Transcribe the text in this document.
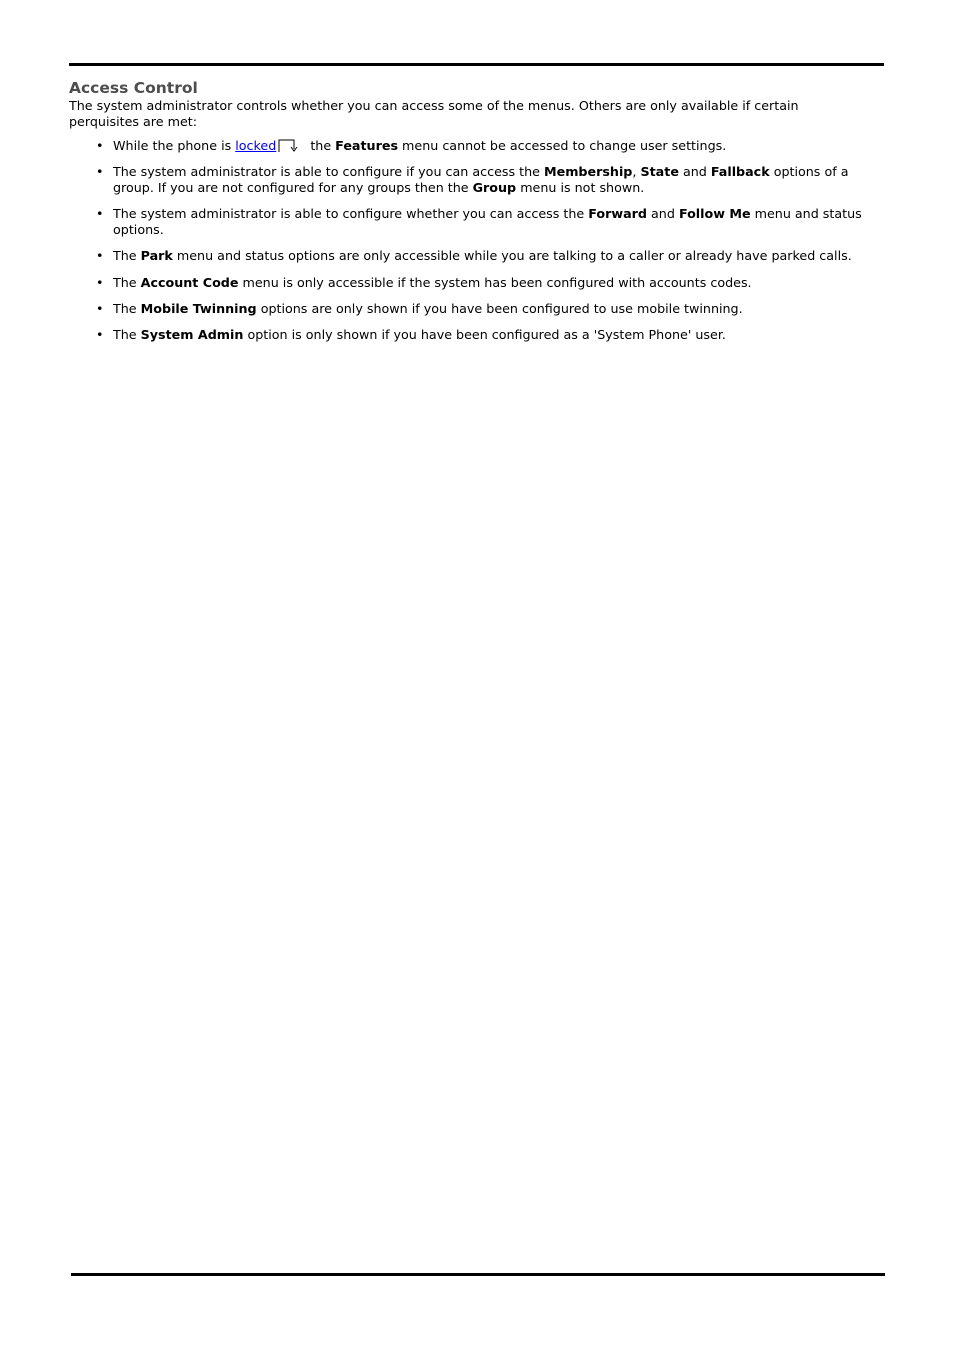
Access Control

The system administrator controls whether you can access some of the menus. Others are only available if certain perquisites are met:

• While the phone is locked the Features menu cannot be accessed to change user settings.
• The system administrator is able to configure if you can access the Membership, State and Fallback options of a group. If you are not configured for any groups then the Group menu is not shown.
• The system administrator is able to configure whether you can access the Forward and Follow Me menu and status options.
• The Park menu and status options are only accessible while you are talking to a caller or already have parked calls.
• The Account Code menu is only accessible if the system has been configured with accounts codes.
• The Mobile Twinning options are only shown if you have been configured to use mobile twinning.
• The System Admin option is only shown if you have been configured as a 'System Phone' user.
